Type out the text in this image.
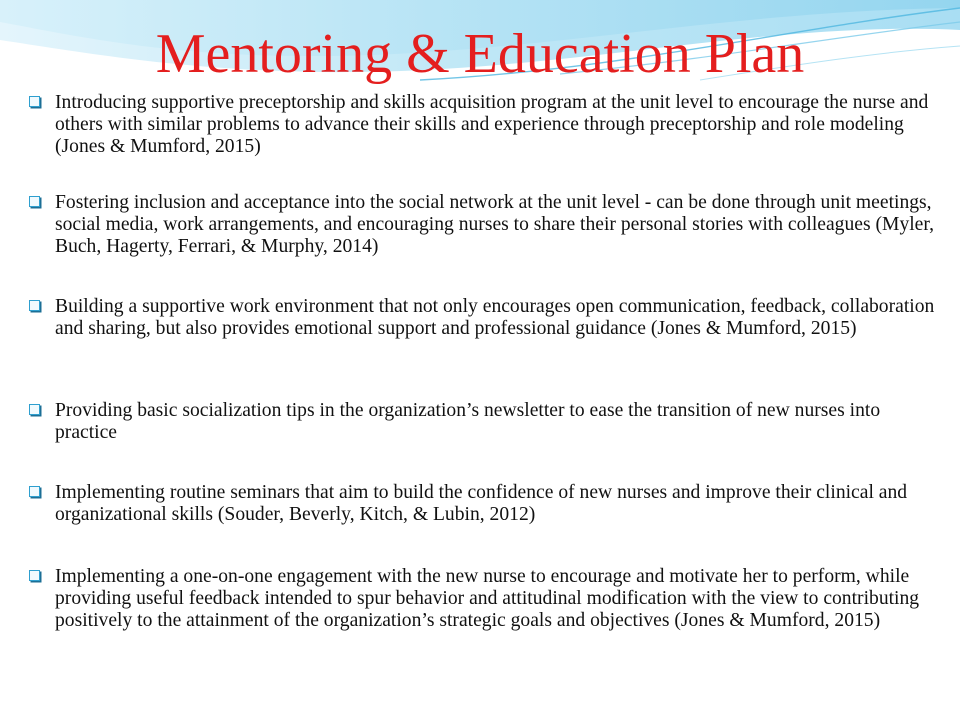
Mentoring & Education Plan
Introducing supportive preceptorship and skills acquisition program at the unit level to encourage the nurse and others with similar problems to advance their skills and experience through preceptorship and role modeling (Jones & Mumford, 2015)
Fostering inclusion and acceptance into the social network at the unit level - can be done through unit meetings, social media, work arrangements, and encouraging nurses to share their personal stories with colleagues (Myler, Buch, Hagerty, Ferrari, & Murphy, 2014)
Building a supportive work environment that not only encourages open communication, feedback, collaboration and sharing, but also provides emotional support and professional guidance (Jones & Mumford, 2015)
Providing basic socialization tips in the organization’s newsletter to ease the transition of new nurses into practice
Implementing routine seminars that aim to build the confidence of new nurses and improve their clinical and organizational skills (Souder, Beverly, Kitch, & Lubin, 2012)
Implementing a one-on-one engagement with the new nurse to encourage and motivate her to perform, while providing useful feedback intended to spur behavior and attitudinal modification with the view to contributing positively to the attainment of the organization’s strategic goals and objectives (Jones & Mumford, 2015)
